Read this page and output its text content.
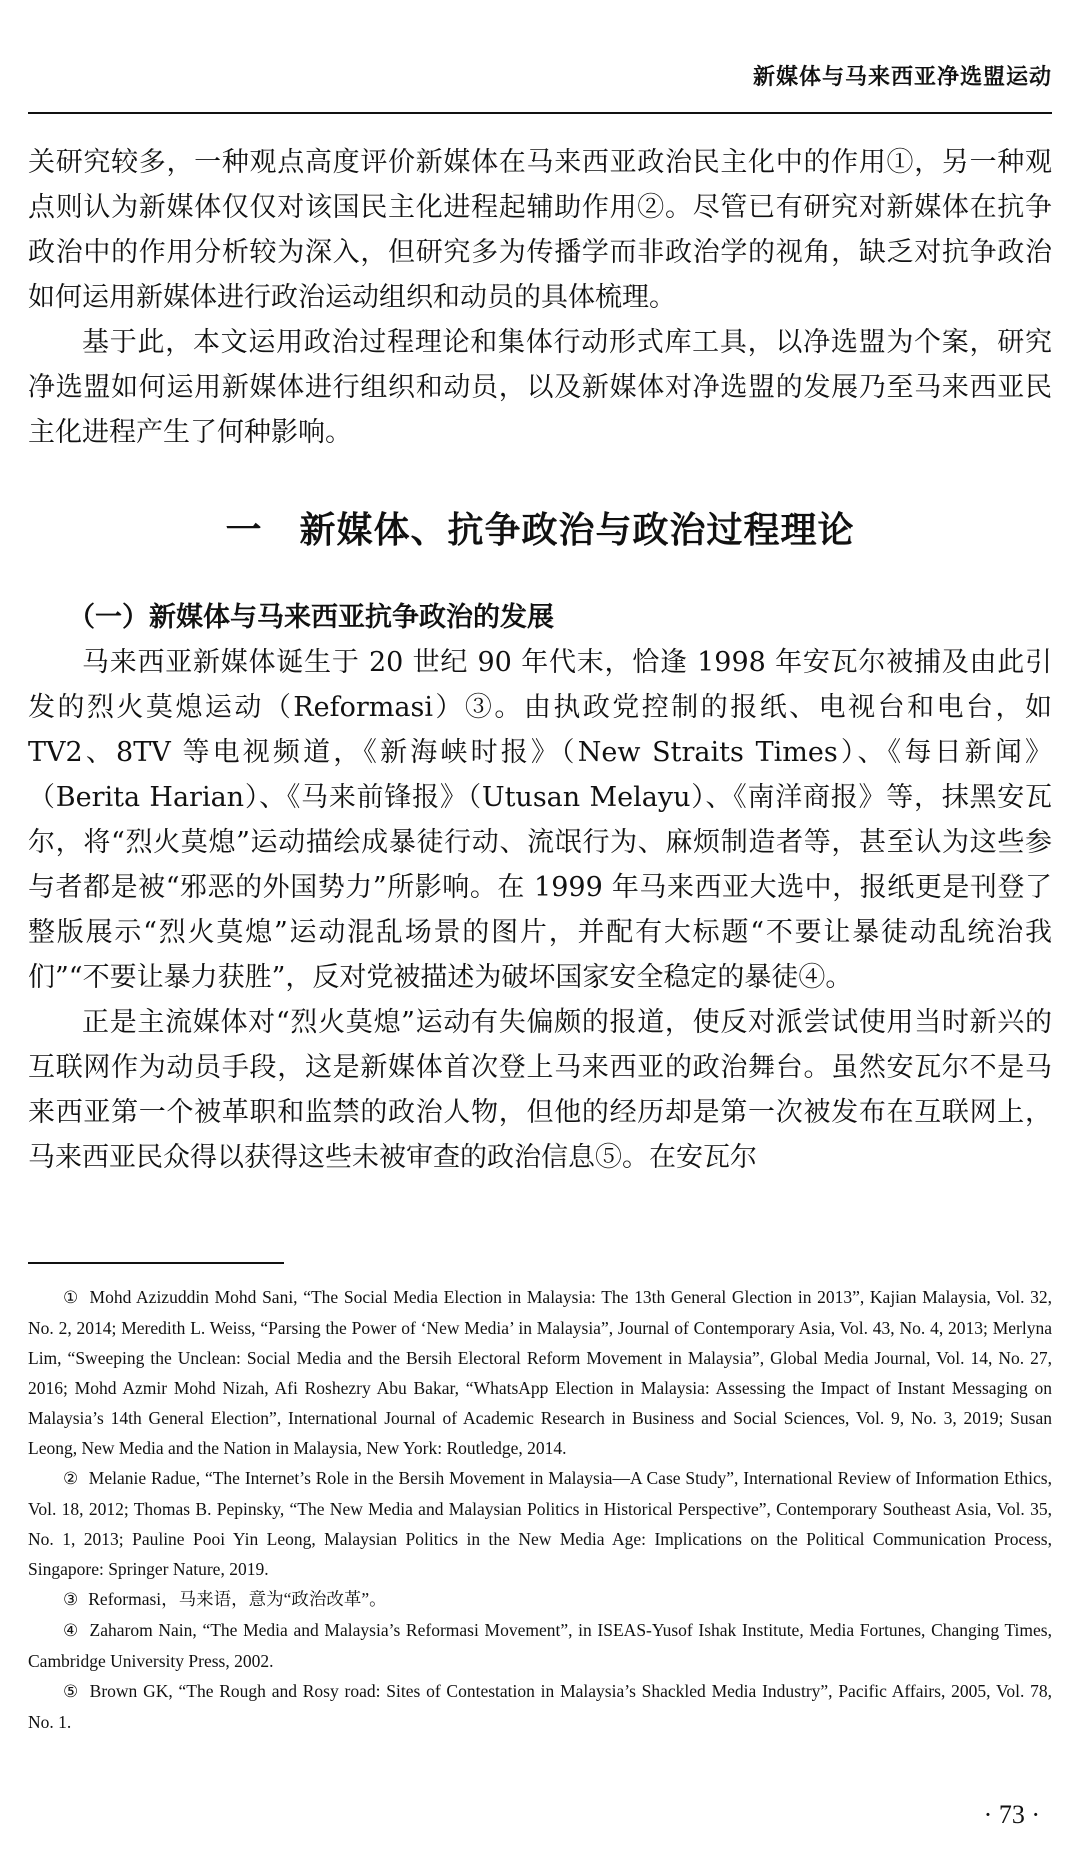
新媒体与马来西亚净选盟运动

关研究较多，一种观点高度评价新媒体在马来西亚政治民主化中的作用①，另一种观点则认为新媒体仅仅对该国民主化进程起辅助作用②。尽管已有研究对新媒体在抗争政治中的作用分析较为深入，但研究多为传播学而非政治学的视角，缺乏对抗争政治如何运用新媒体进行政治运动组织和动员的具体梳理。

基于此，本文运用政治过程理论和集体行动形式库工具，以净选盟为个案，研究净选盟如何运用新媒体进行组织和动员，以及新媒体对净选盟的发展乃至马来西亚民主化进程产生了何种影响。

一　新媒体、抗争政治与政治过程理论
（一）新媒体与马来西亚抗争政治的发展

马来西亚新媒体诞生于 20 世纪 90 年代末，恰逢 1998 年安瓦尔被捕及由此引发的烈火莫熄运动（Reformasi）③。由执政党控制的报纸、电视台和电台，如 TV2、8TV 等电视频道，《新海峡时报》（New Straits Times）、《每日新闻》（Berita Harian）、《马来前锋报》（Utusan Melayu）、《南洋商报》等，抹黑安瓦尔，将“烈火莫熄”运动描绘成暴徒行动、流氓行为、麻烦制造者等，甚至认为这些参与者都是被“邪恶的外国势力”所影响。在 1999 年马来西亚大选中，报纸更是刊登了整版展示“烈火莫熄”运动混乱场景的图片，并配有大标题“不要让暴徒动乱统治我们”“不要让暴力获胜”，反对党被描述为破坏国家安全稳定的暴徒④。

正是主流媒体对“烈火莫熄”运动有失偏颇的报道，使反对派尝试使用当时新兴的互联网作为动员手段，这是新媒体首次登上马来西亚的政治舞台。虽然安瓦尔不是马来西亚第一个被革职和监禁的政治人物，但他的经历却是第一次被发布在互联网上，马来西亚民众得以获得这些未被审查的政治信息⑤。在安瓦尔

① Mohd Azizuddin Mohd Sani, “The Social Media Election in Malaysia: The 13th General Glection in 2013”, Kajian Malaysia, Vol. 32, No. 2, 2014; Meredith L. Weiss, “Parsing the Power of ‘New Media’ in Malaysia”, Journal of Contemporary Asia, Vol. 43, No. 4, 2013; Merlyna Lim, “Sweeping the Unclean: Social Media and the Bersih Electoral Reform Movement in Malaysia”, Global Media Journal, Vol. 14, No. 27, 2016; Mohd Azmir Mohd Nizah, Afi Roshezry Abu Bakar, “WhatsApp Election in Malaysia: Assessing the Impact of Instant Messaging on Malaysia’s 14th General Election”, International Journal of Academic Research in Business and Social Sciences, Vol. 9, No. 3, 2019; Susan Leong, New Media and the Nation in Malaysia, New York: Routledge, 2014.

② Melanie Radue, “The Internet’s Role in the Bersih Movement in Malaysia—A Case Study”, International Review of Information Ethics, Vol. 18, 2012; Thomas B. Pepinsky, “The New Media and Malaysian Politics in Historical Perspective”, Contemporary Southeast Asia, Vol. 35, No. 1, 2013; Pauline Pooi Yin Leong, Malaysian Politics in the New Media Age: Implications on the Political Communication Process, Singapore: Springer Nature, 2019.

③ Reformasi，马来语，意为“政治改革”。

④ Zaharom Nain, “The Media and Malaysia’s Reformasi Movement”, in ISEAS-Yusof Ishak Institute, Media Fortunes, Changing Times, Cambridge University Press, 2002.

⑤ Brown GK, “The Rough and Rosy road: Sites of Contestation in Malaysia’s Shackled Media Industry”, Pacific Affairs, 2005, Vol. 78, No. 1.

· 73 ·
